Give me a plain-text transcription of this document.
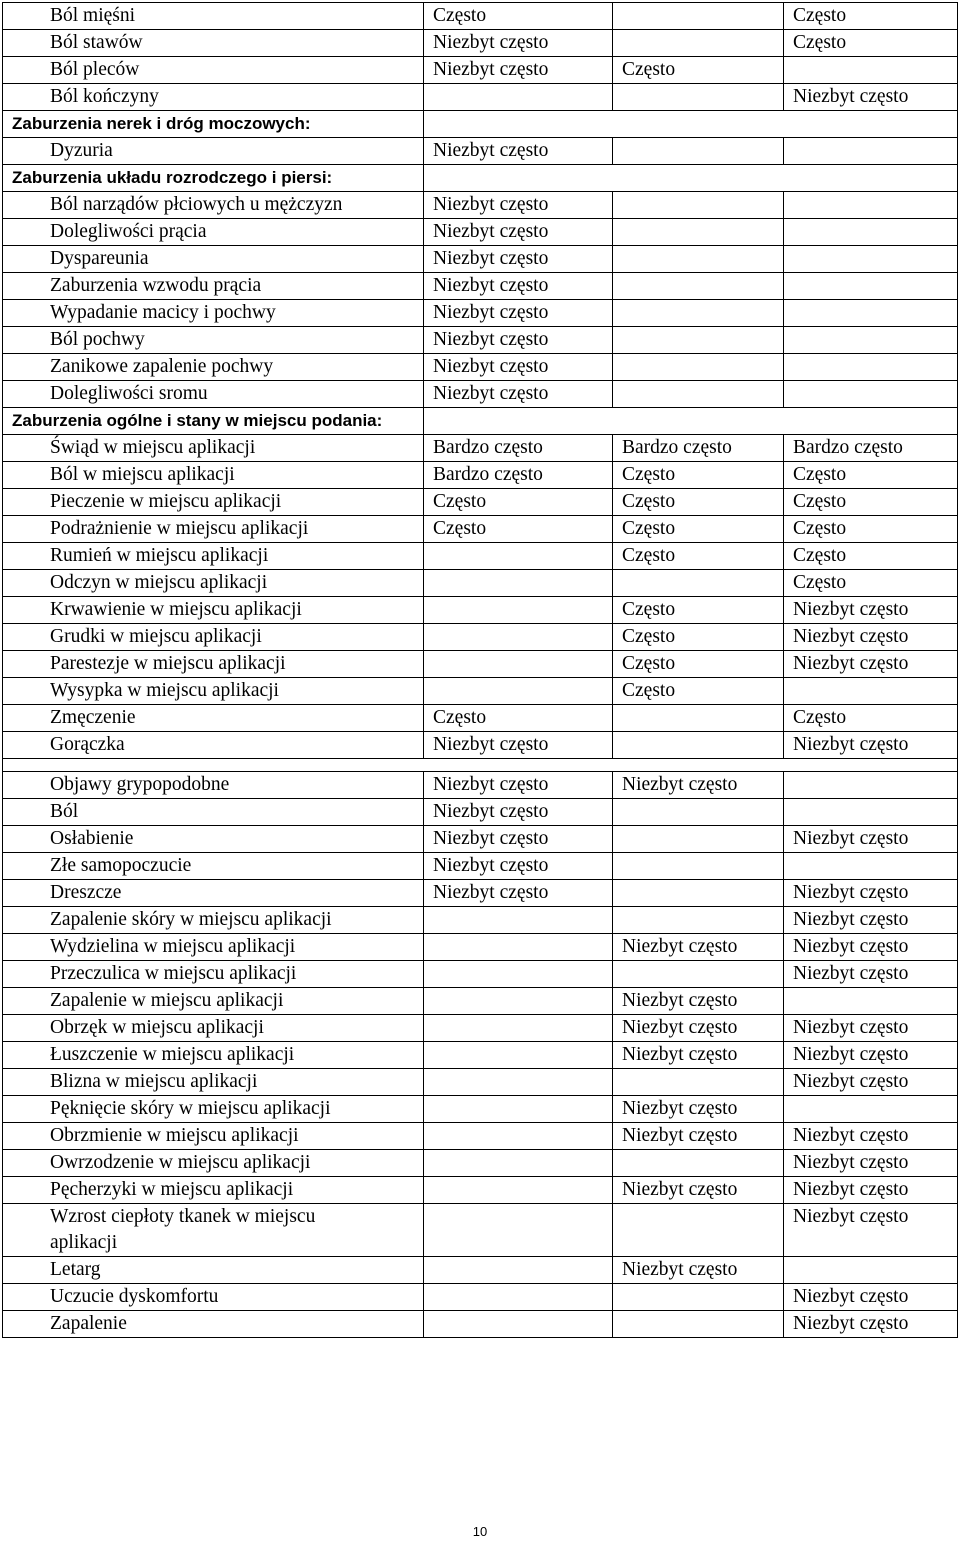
Ból mięśni	Często		Często
Ból stawów	Niezbyt często		Często
Ból pleców	Niezbyt często	Często	
Ból kończyny			Niezbyt często
Zaburzenia nerek i dróg moczowych:			
Dyzuria	Niezbyt często		
Zaburzenia układu rozrodczego i piersi:			
Ból narządów płciowych u mężczyzn	Niezbyt często		
Dolegliwości prącia	Niezbyt często		
Dyspareunia	Niezbyt często		
Zaburzenia wzwodu prącia	Niezbyt często		
Wypadanie macicy i pochwy	Niezbyt często		
Ból pochwy	Niezbyt często		
Zanikowe zapalenie pochwy	Niezbyt często		
Dolegliwości sromu	Niezbyt często		
Zaburzenia ogólne i stany w miejscu podania:			
Świąd w miejscu aplikacji	Bardzo często	Bardzo często	Bardzo często
Ból w miejscu aplikacji	Bardzo często	Często	Często
Pieczenie w miejscu aplikacji	Często	Często	Często
Podrażnienie w miejscu aplikacji	Często	Często	Często
Rumień w miejscu aplikacji		Często	Często
Odczyn w miejscu aplikacji			Często
Krwawienie w miejscu aplikacji		Często	Niezbyt często
Grudki w miejscu aplikacji		Często	Niezbyt często
Parestezje w miejscu aplikacji		Często	Niezbyt często
Wysypka w miejscu aplikacji		Często	
Zmęczenie	Często		Często
Gorączka	Niezbyt często		Niezbyt często

Objawy grypopodobne	Niezbyt często	Niezbyt często	
Ból	Niezbyt często		
Osłabienie	Niezbyt często		Niezbyt często
Złe samopoczucie	Niezbyt często		
Dreszcze	Niezbyt często		Niezbyt często
Zapalenie skóry w miejscu aplikacji			Niezbyt często
Wydzielina w miejscu aplikacji		Niezbyt często	Niezbyt często
Przeczulica w miejscu aplikacji			Niezbyt często
Zapalenie w miejscu aplikacji		Niezbyt często	
Obrzęk w miejscu aplikacji		Niezbyt często	Niezbyt często
Łuszczenie w miejscu aplikacji		Niezbyt często	Niezbyt często
Blizna w miejscu aplikacji			Niezbyt często
Pęknięcie skóry w miejscu aplikacji		Niezbyt często	
Obrzmienie w miejscu aplikacji		Niezbyt często	Niezbyt często
Owrzodzenie w miejscu aplikacji			Niezbyt często
Pęcherzyki w miejscu aplikacji		Niezbyt często	Niezbyt często
Wzrost ciepłoty tkanek w miejscu aplikacji			Niezbyt często
Letarg		Niezbyt często	
Uczucie dyskomfortu			Niezbyt często
Zapalenie			Niezbyt często
10
